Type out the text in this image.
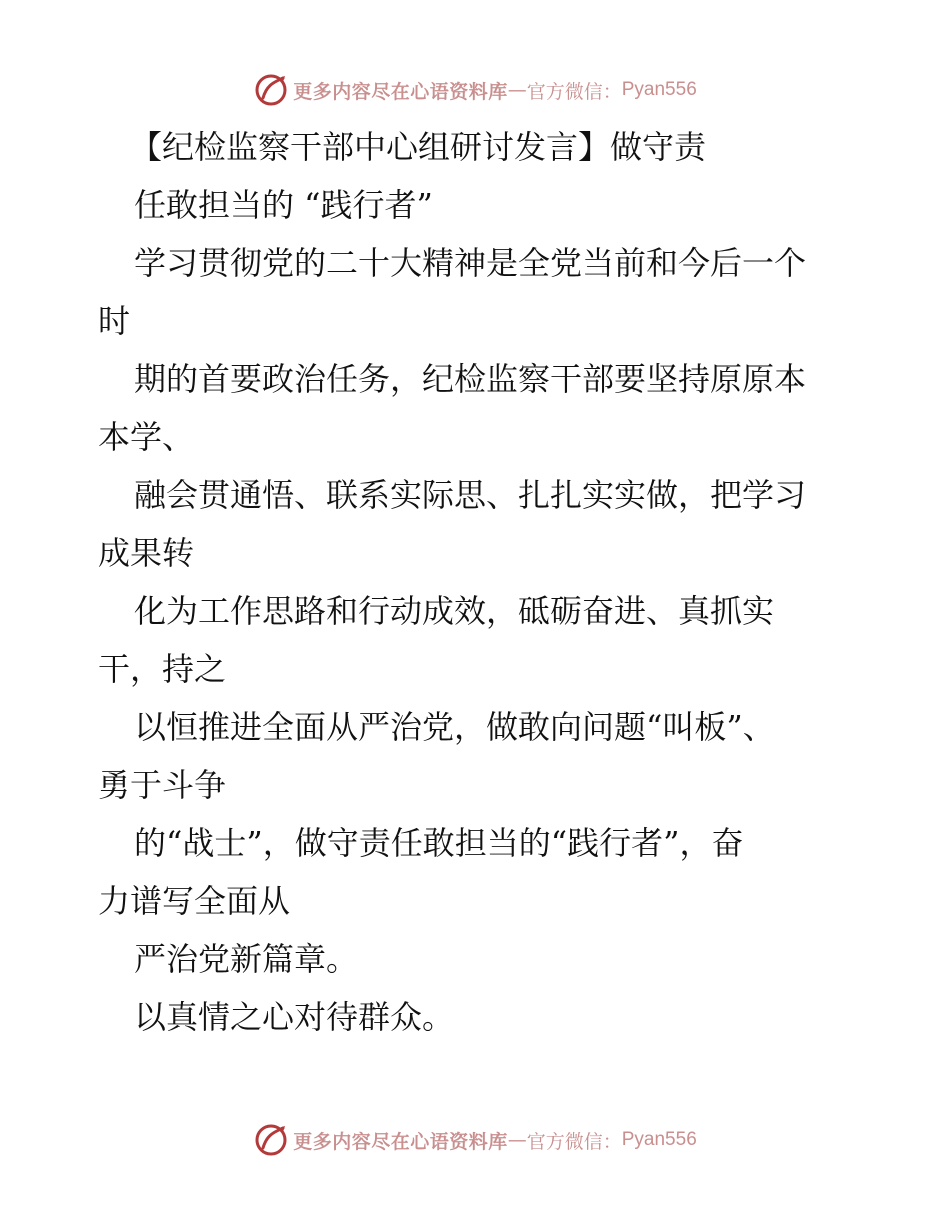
更多内容尽在心语资料库 — 官方微信： Pyan556
【纪检监察干部中心组研讨发言】做守责
任敢担当的 “践行者”
学习贯彻党的二十大精神是全党当前和今后一个
时
期的首要政治任务，纪检监察干部要坚持原原本
本学、
融会贯通悟、联系实际思、扎扎实实做，把学习
成果转
化为工作思路和行动成效，砥砺奋进、真抓实
干，持之
以恒推进全面从严治党，做敢向问题“叫板”、
勇于斗争
的“战士”，做守责任敢担当的“践行者”，奋
力谱写全面从
严治党新篇章。
以真情之心对待群众。
更多内容尽在心语资料库 — 官方微信： Pyan556
